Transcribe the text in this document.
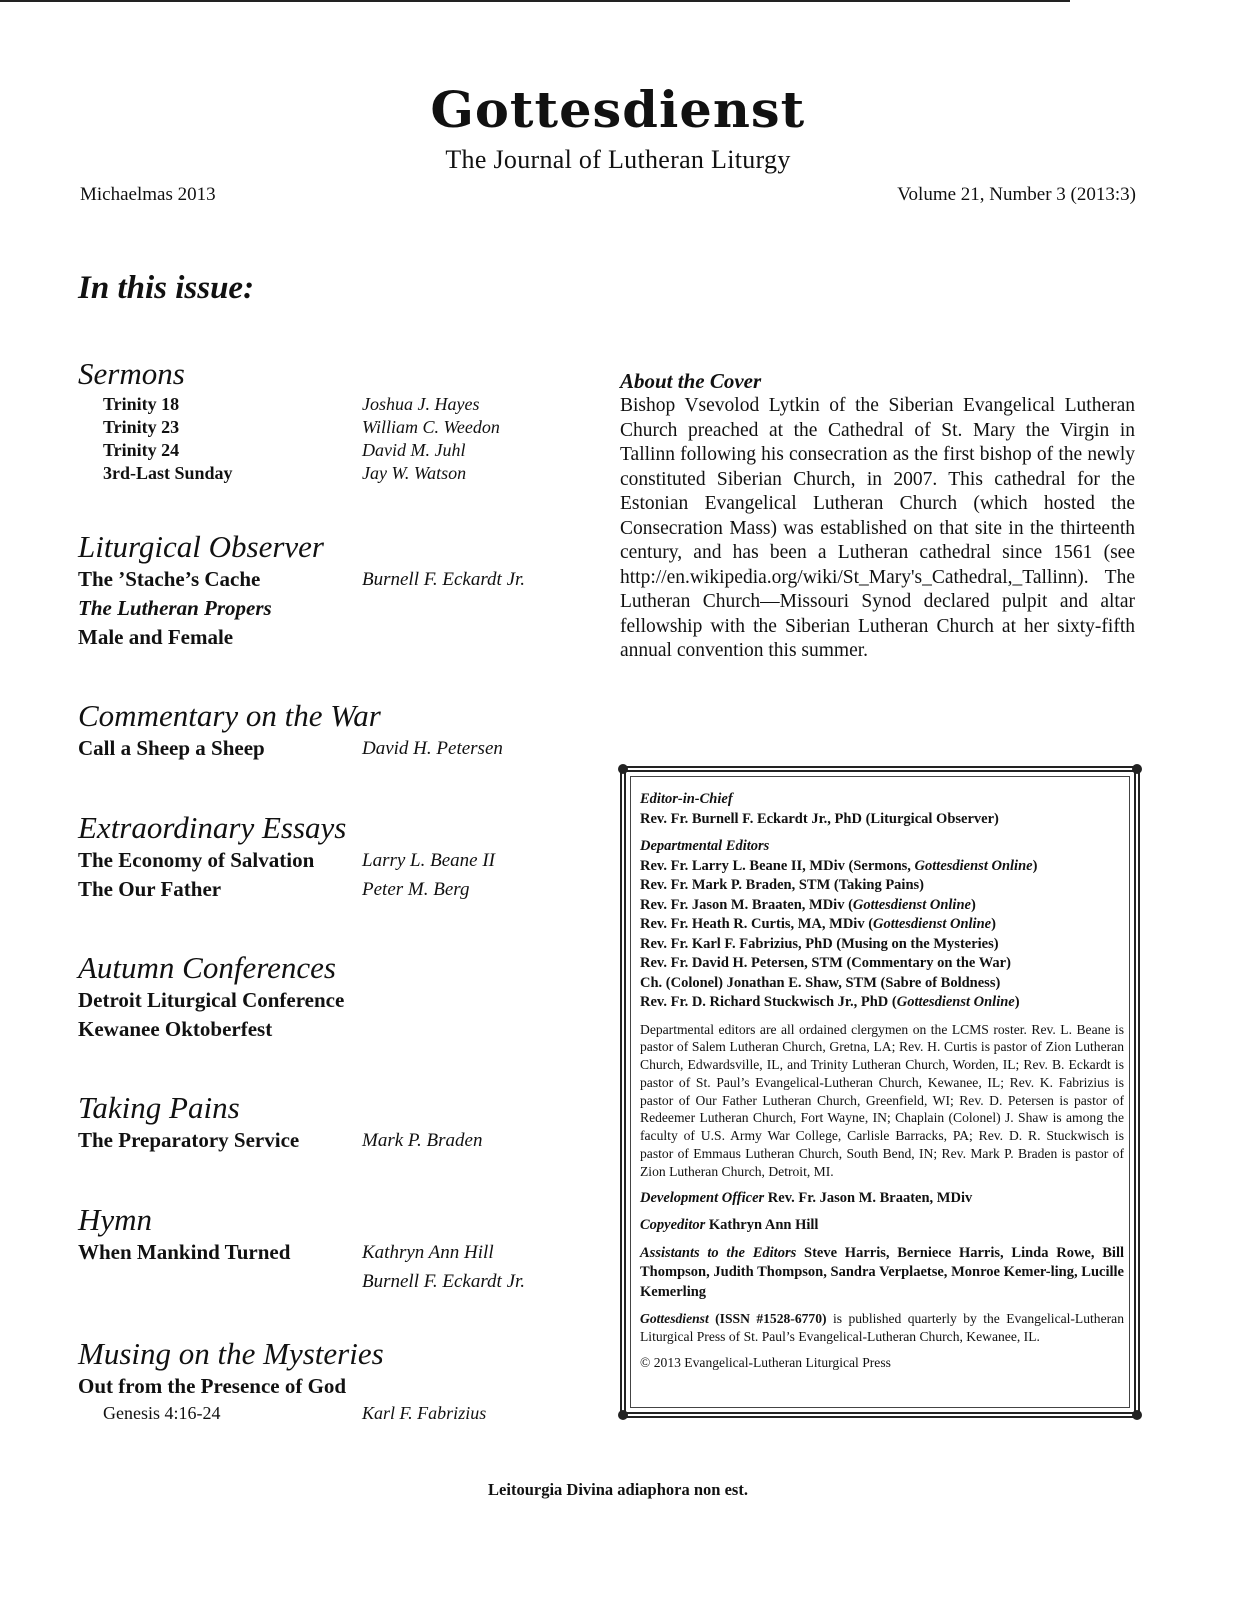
Gottesdienst
The Journal of Lutheran Liturgy
Michaelmas 2013	Volume 21, Number 3 (2013:3)
In this issue:
Sermons
Trinity 18	Joshua J. Hayes
Trinity 23	William C. Weedon
Trinity 24	David M. Juhl
3rd-Last Sunday	Jay W. Watson
Liturgical Observer
The ’Stache’s Cache	Burnell F. Eckardt Jr.
The Lutheran Propers
Male and Female
Commentary on the War
Call a Sheep a Sheep	David H. Petersen
Extraordinary Essays
The Economy of Salvation	Larry L. Beane II
The Our Father	Peter M. Berg
Autumn Conferences
Detroit Liturgical Conference
Kewanee Oktoberfest
Taking Pains
The Preparatory Service	Mark P. Braden
Hymn
When Mankind Turned	Kathryn Ann Hill
Burnell F. Eckardt Jr.
Musing on the Mysteries
Out from the Presence of God
Genesis 4:16-24	Karl F. Fabrizius
About the Cover

Bishop Vsevolod Lytkin of the Siberian Evangelical Lutheran Church preached at the Cathedral of St. Mary the Virgin in Tallinn following his consecration as the first bishop of the newly constituted Siberian Church, in 2007. This cathedral for the Estonian Evangelical Lutheran Church (which hosted the Consecration Mass) was established on that site in the thirteenth century, and has been a Lutheran cathedral since 1561 (see http://en.wikipedia.org/wiki/St_Mary's_Cathedral,_Tallinn). The Lutheran Church—Missouri Synod declared pulpit and altar fellowship with the Siberian Lutheran Church at her sixty-fifth annual convention this summer.

Editor-in-Chief
Rev. Fr. Burnell F. Eckardt Jr., PhD (Liturgical Observer)
Departmental Editors
Rev. Fr. Larry L. Beane II, MDiv (Sermons, Gottesdienst Online)
Rev. Fr. Mark P. Braden, STM (Taking Pains)
Rev. Fr. Jason M. Braaten, MDiv (Gottesdienst Online)
Rev. Fr. Heath R. Curtis, MA, MDiv (Gottesdienst Online)
Rev. Fr. Karl F. Fabrizius, PhD (Musing on the Mysteries)
Rev. Fr. David H. Petersen, STM (Commentary on the War)
Ch. (Colonel) Jonathan E. Shaw, STM (Sabre of Boldness)
Rev. Fr. D. Richard Stuckwisch Jr., PhD (Gottesdienst Online)
Departmental editors are all ordained clergymen on the LCMS roster. Rev. L. Beane is pastor of Salem Lutheran Church, Gretna, LA; Rev. H. Curtis is pastor of Zion Lutheran Church, Edwardsville, IL, and Trinity Lutheran Church, Worden, IL; Rev. B. Eckardt is pastor of St. Paul’s Evangelical-Lutheran Church, Kewanee, IL; Rev. K. Fabrizius is pastor of Our Father Lutheran Church, Greenfield, WI; Rev. D. Petersen is pastor of Redeemer Lutheran Church, Fort Wayne, IN; Chaplain (Colonel) J. Shaw is among the faculty of U.S. Army War College, Carlisle Barracks, PA; Rev. D. R. Stuckwisch is pastor of Emmaus Lutheran Church, South Bend, IN; Rev. Mark P. Braden is pastor of Zion Lutheran Church, Detroit, MI.
Development Officer Rev. Fr. Jason M. Braaten, MDiv
Copyeditor Kathryn Ann Hill
Assistants to the Editors Steve Harris, Berniece Harris, Linda Rowe, Bill Thompson, Judith Thompson, Sandra Verplaetse, Monroe Kemer-ling, Lucille Kemerling
Gottesdienst (ISSN #1528-6770) is published quarterly by the Evangelical-Lutheran Liturgical Press of St. Paul’s Evangelical-Lutheran Church, Kewanee, IL.
© 2013 Evangelical-Lutheran Liturgical Press
Leitourgia Divina adiaphora non est.
